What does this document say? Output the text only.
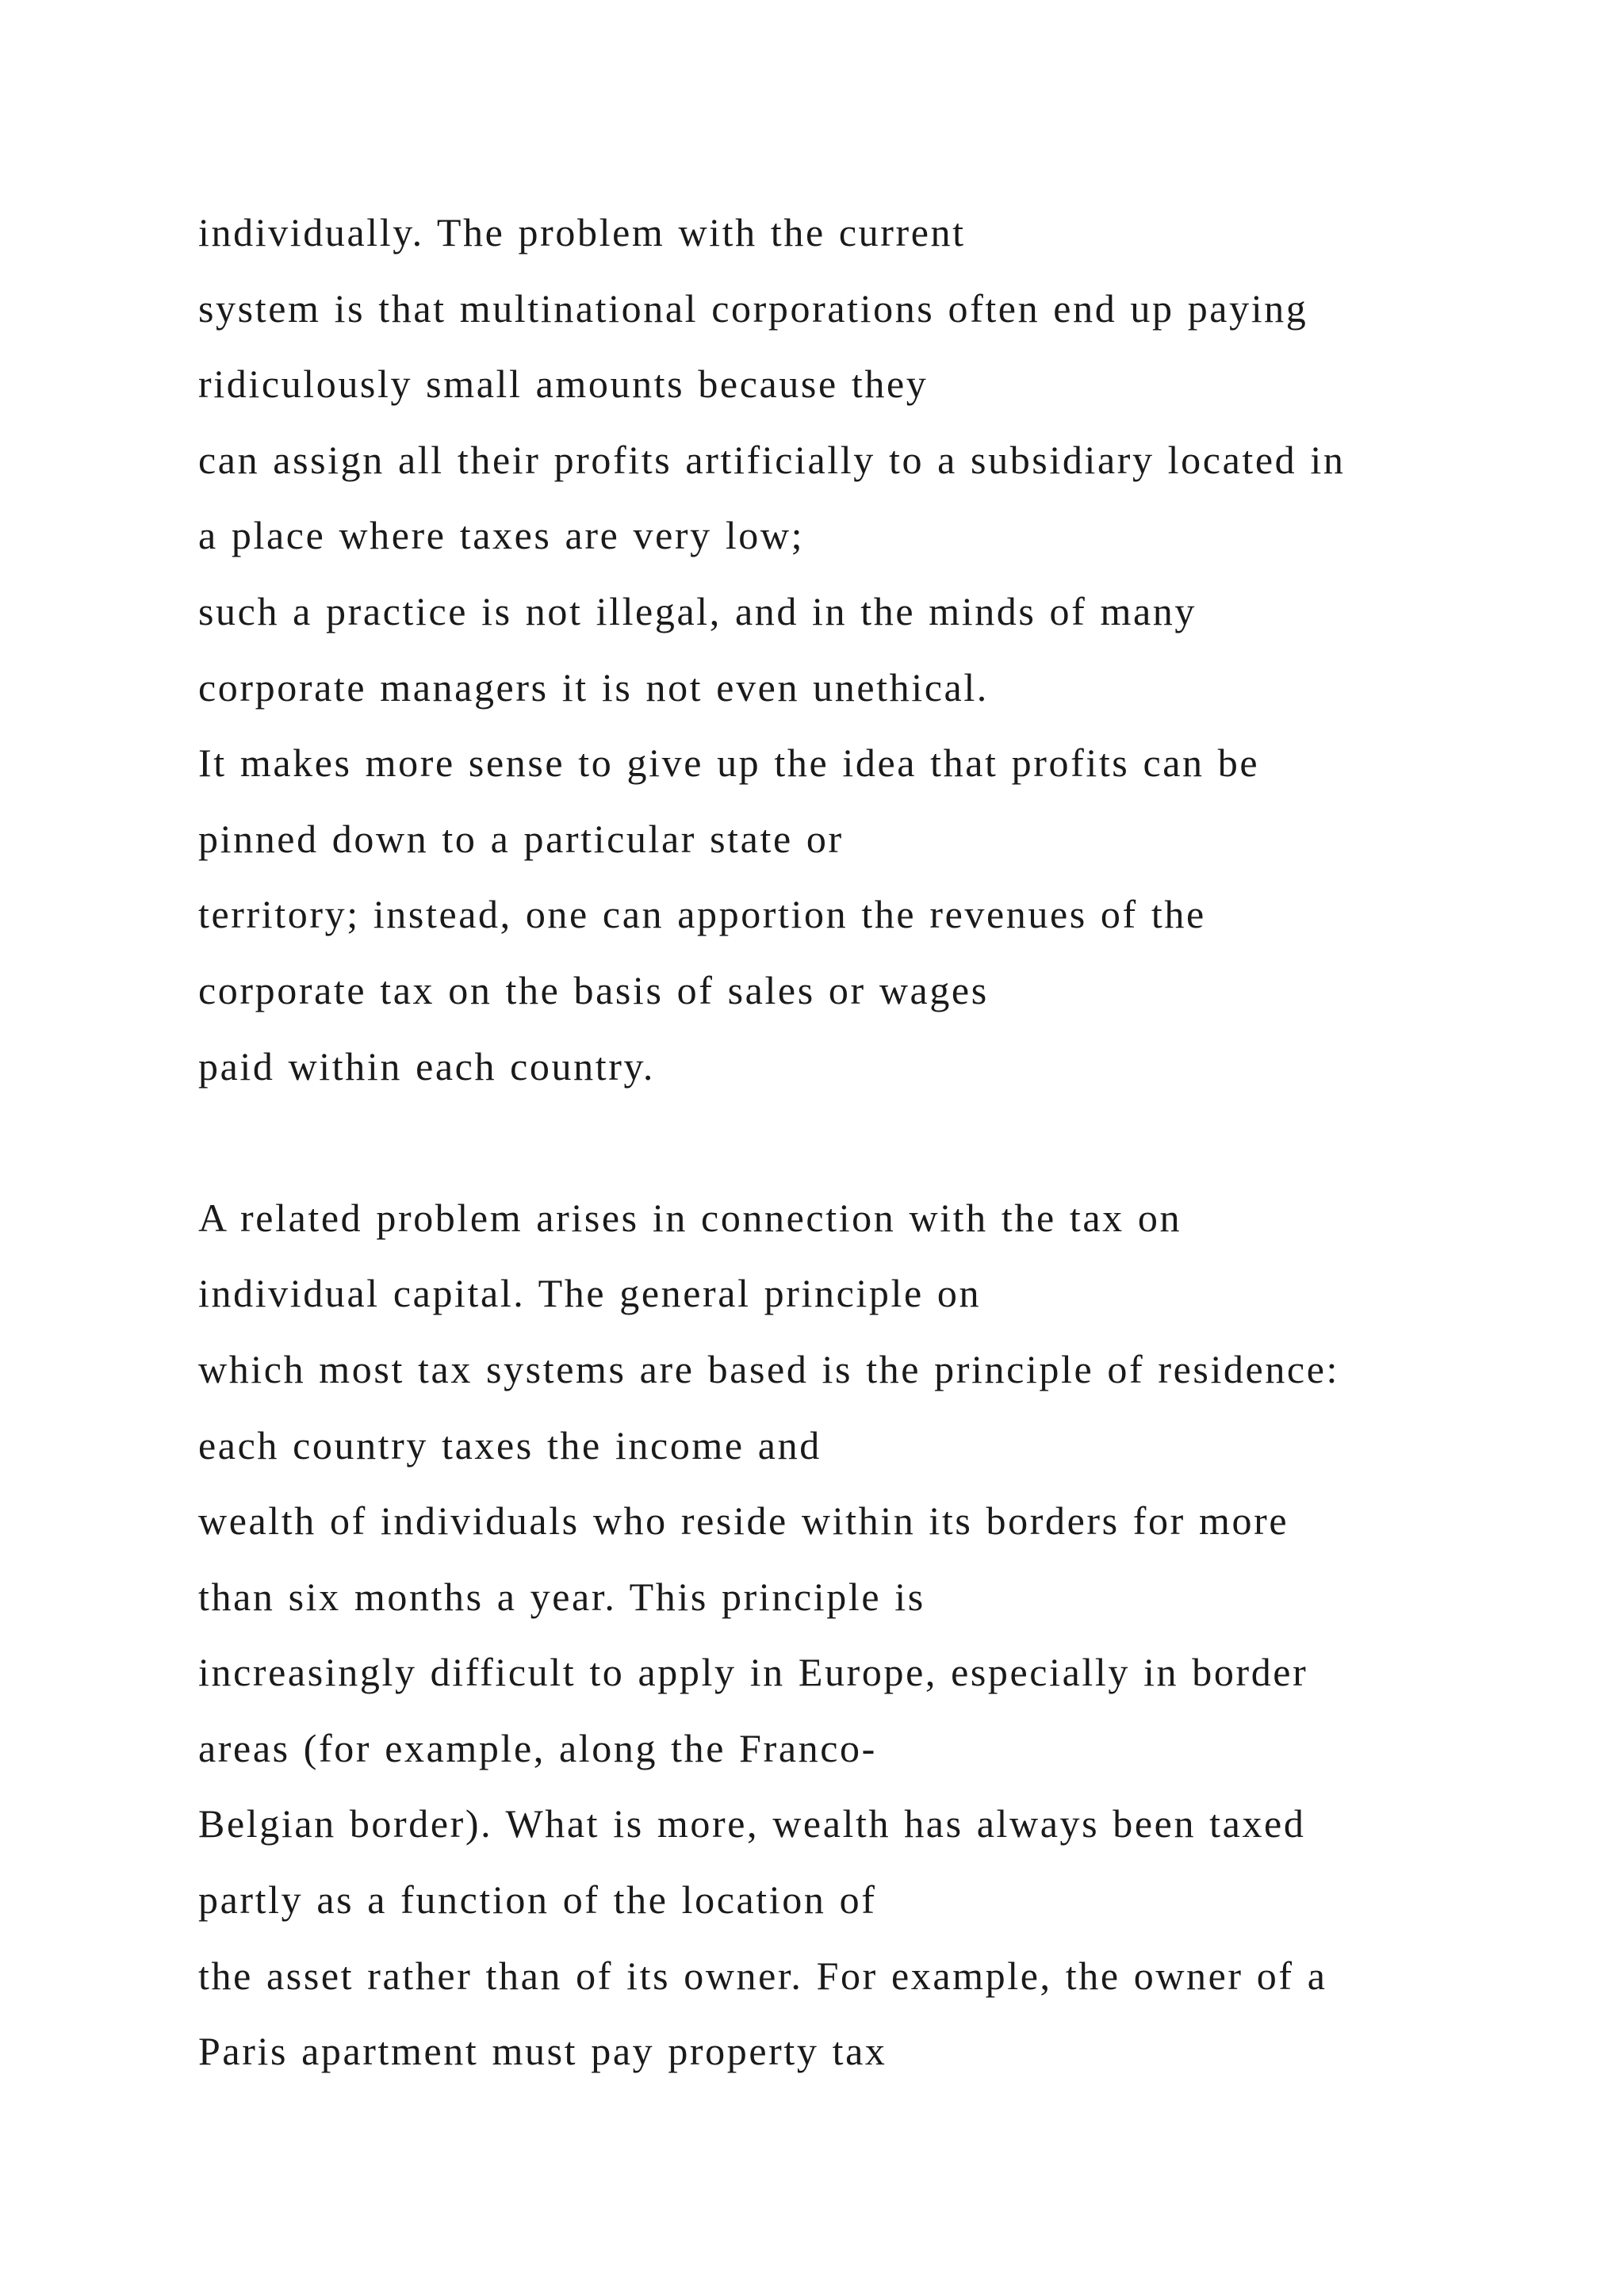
individually. The problem with the current
system is that multinational corporations often end up paying
ridiculously small amounts because they
can assign all their profits artificially to a subsidiary located in
a place where taxes are very low;
such a practice is not illegal, and in the minds of many
corporate managers it is not even unethical.
It makes more sense to give up the idea that profits can be
pinned down to a particular state or
territory; instead, one can apportion the revenues of the
corporate tax on the basis of sales or wages
paid within each country.
A related problem arises in connection with the tax on
individual capital. The general principle on
which most tax systems are based is the principle of residence:
each country taxes the income and
wealth of individuals who reside within its borders for more
than six months a year. This principle is
increasingly difficult to apply in Europe, especially in border
areas (for example, along the Franco-
Belgian border). What is more, wealth has always been taxed
partly as a function of the location of
the asset rather than of its owner. For example, the owner of a
Paris apartment must pay property tax
